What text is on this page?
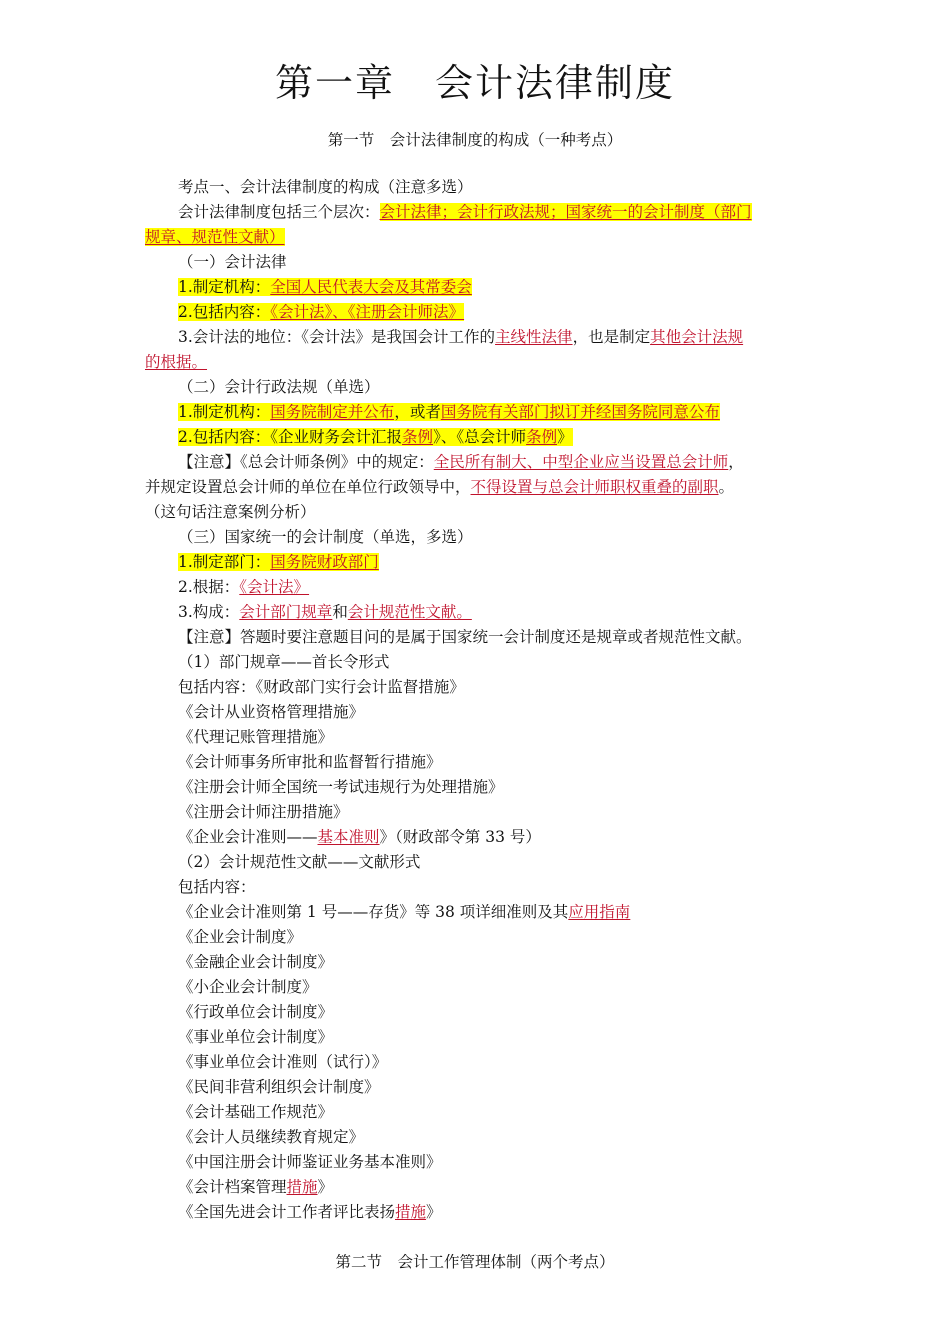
第一章　会计法律制度
第一节　会计法律制度的构成（一种考点）
考点一、会计法律制度的构成（注意多选）
会计法律制度包括三个层次：会计法律；会计行政法规；国家统一的会计制度（部门
规章、规范性文献）
（一）会计法律
1.制定机构：全国人民代表大会及其常委会
2.包括内容：《会计法》、《注册会计师法》
3.会计法的地位：《会计法》是我国会计工作的主线性法律，也是制定其他会计法规
的根据。
（二）会计行政法规（单选）
1.制定机构：国务院制定并公布，或者国务院有关部门拟订并经国务院同意公布
2.包括内容：《企业财务会计汇报条例》、《总会计师条例》
【注意】《总会计师条例》中的规定：全民所有制大、中型企业应当设置总会计师，
并规定设置总会计师的单位在单位行政领导中，不得设置与总会计师职权重叠的副职。
（这句话注意案例分析）
（三）国家统一的会计制度（单选，多选）
1.制定部门：国务院财政部门
2.根据：《会计法》
3.构成：会计部门规章和会计规范性文献。
【注意】答题时要注意题目问的是属于国家统一会计制度还是规章或者规范性文献。
（1）部门规章——首长令形式
包括内容：《财政部门实行会计监督措施》
《会计从业资格管理措施》
《代理记账管理措施》
《会计师事务所审批和监督暂行措施》
《注册会计师全国统一考试违规行为处理措施》
《注册会计师注册措施》
《企业会计准则——基本准则》（财政部令第 33 号）
（2）会计规范性文献——文献形式
包括内容：
《企业会计准则第 1 号——存货》等 38 项详细准则及其应用指南
《企业会计制度》
《金融企业会计制度》
《小企业会计制度》
《行政单位会计制度》
《事业单位会计制度》
《事业单位会计准则（试行）》
《民间非营利组织会计制度》
《会计基础工作规范》
《会计人员继续教育规定》
《中国注册会计师鉴证业务基本准则》
《会计档案管理措施》
《全国先进会计工作者评比表扬措施》
第二节　会计工作管理体制（两个考点）
